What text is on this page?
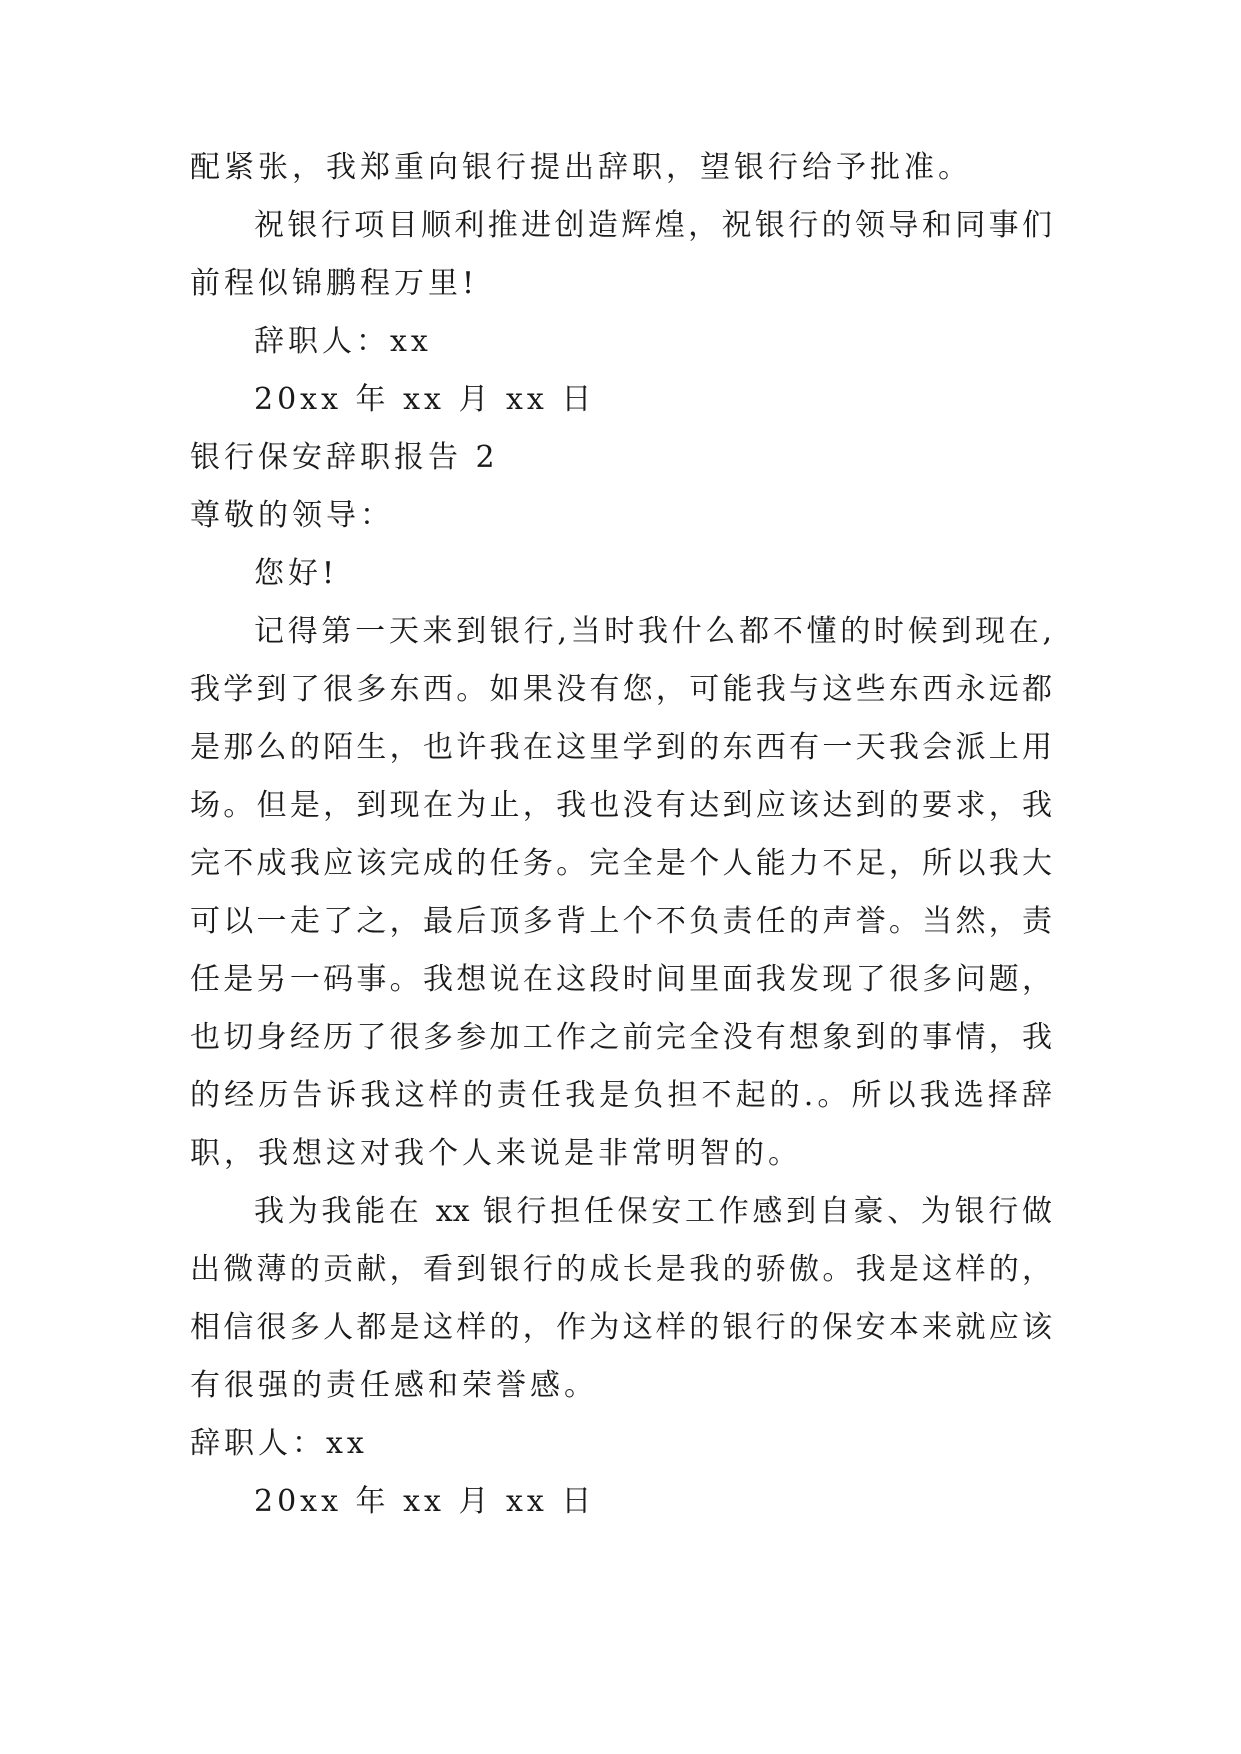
配紧张，我郑重向银行提出辞职，望银行给予批准。
祝银行项目顺利推进创造辉煌，祝银行的领导和同事们
前程似锦鹏程万里!
辞职人：xx
20xx 年 xx 月 xx 日
银行保安辞职报告 2
尊敬的领导：
您好!
记得第一天来到银行,当时我什么都不懂的时候到现在,
我学到了很多东西。如果没有您，可能我与这些东西永远都
是那么的陌生，也许我在这里学到的东西有一天我会派上用
场。但是，到现在为止，我也没有达到应该达到的要求，我
完不成我应该完成的任务。完全是个人能力不足，所以我大
可以一走了之，最后顶多背上个不负责任的声誉。当然，责
任是另一码事。我想说在这段时间里面我发现了很多问题，
也切身经历了很多参加工作之前完全没有想象到的事情，我
的经历告诉我这样的责任我是负担不起的.。所以我选择辞
职，我想这对我个人来说是非常明智的。
我为我能在 xx 银行担任保安工作感到自豪、为银行做
出微薄的贡献，看到银行的成长是我的骄傲。我是这样的，
相信很多人都是这样的，作为这样的银行的保安本来就应该
有很强的责任感和荣誉感。
辞职人：xx
20xx 年 xx 月 xx 日
